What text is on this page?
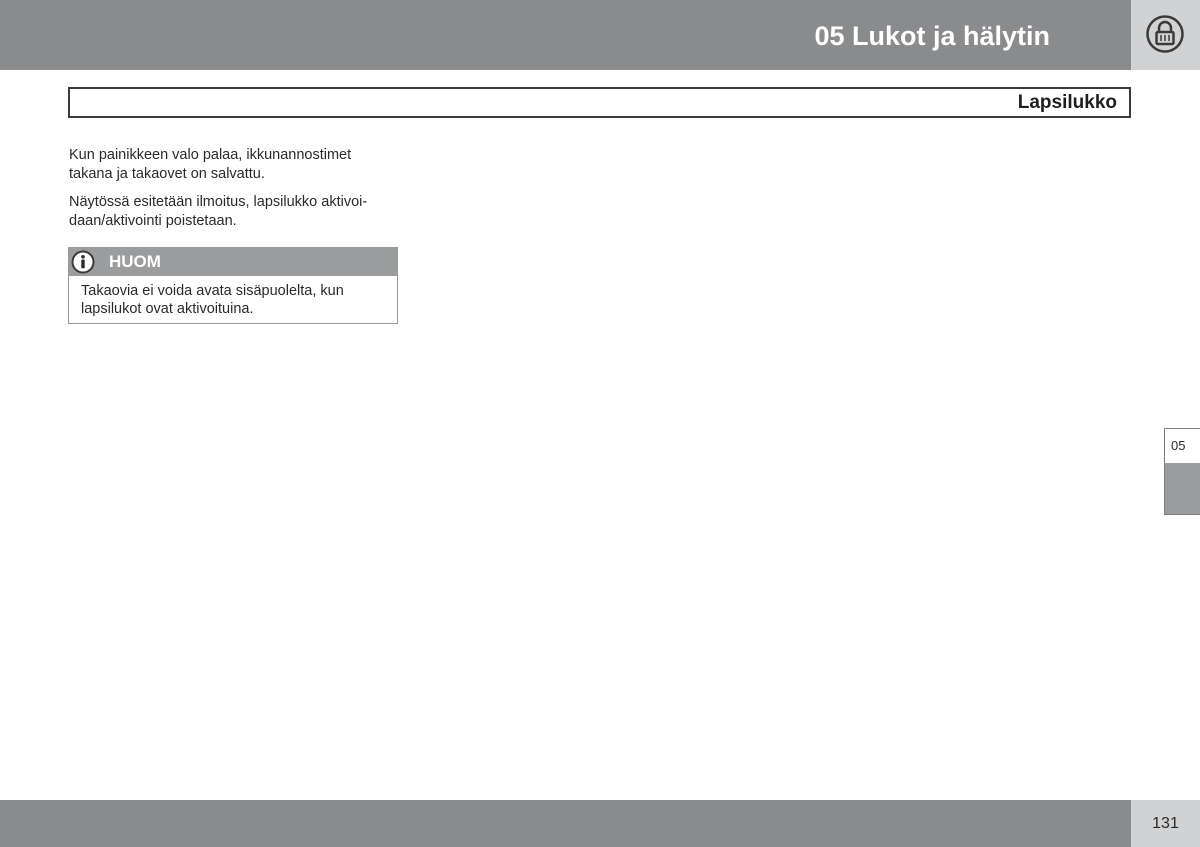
05 Lukot ja hälytin
Lapsilukko

Kun painikkeen valo palaa, ikkunannostimet
takana ja takaovet on salvattu.

Näytössä esitetään ilmoitus, lapsilukko aktivoi-
daan/aktivointi poistetaan.

HUOM
Takaovia ei voida avata sisäpuolelta, kun
lapsilukot ovat aktivoituina.
05
131
